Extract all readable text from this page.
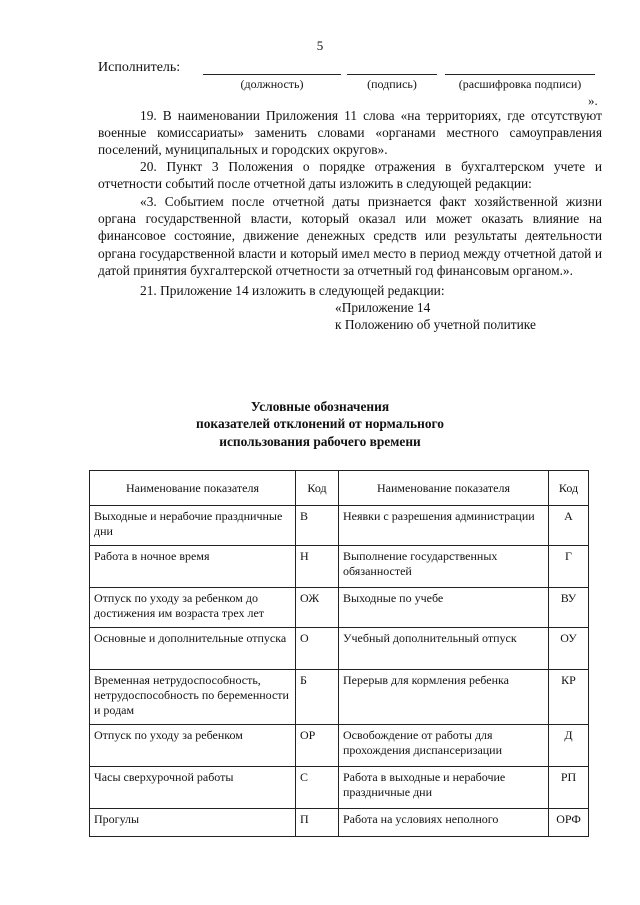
5
Исполнитель:
(должность)	(подпись)	(расшифровка подписи)
».

19. В наименовании Приложения 11 слова «на территориях, где отсутствуют военные комиссариаты» заменить словами «органами местного самоуправления поселений, муниципальных и городских округов».

20. Пункт 3 Положения о порядке отражения в бухгалтерском учете и отчетности событий после отчетной даты изложить в следующей редакции:

«3. Событием после отчетной даты признается факт хозяйственной жизни органа государственной власти, который оказал или может оказать влияние на финансовое состояние, движение денежных средств или результаты деятельности органа государственной власти и который имел место в период между отчетной датой и датой принятия бухгалтерской отчетности за отчетный год финансовым органом.».

21. Приложение 14 изложить в следующей редакции:
«Приложение 14
к Положению об учетной политике
Условные обозначения
показателей отклонений от нормального
использования рабочего времени
Наименование показателя	Код	Наименование показателя	Код
Выходные и нерабочие праздничные дни	В	Неявки с разрешения администрации	А
Работа в ночное время	Н	Выполнение государственных обязанностей	Г
Отпуск по уходу за ребенком до достижения им возраста трех лет	ОЖ	Выходные по учебе	ВУ
Основные и дополнительные отпуска	О	Учебный дополнительный отпуск	ОУ
Временная нетрудоспособность, нетрудоспособность по беременности и родам	Б	Перерыв для кормления ребенка	КР
Отпуск по уходу за ребенком	ОР	Освобождение от работы для прохождения диспансеризации	Д
Часы сверхурочной работы	С	Работа в выходные и нерабочие праздничные дни	РП
Прогулы	П	Работа на условиях неполного	ОРФ
